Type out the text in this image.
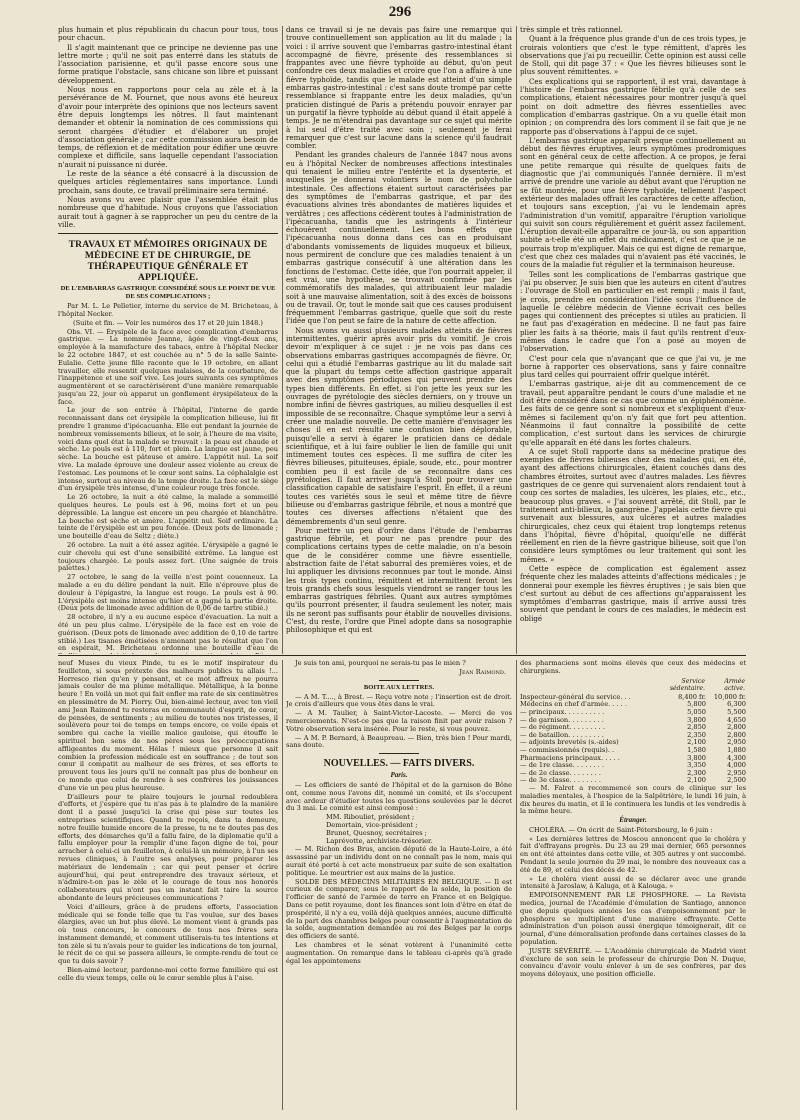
296

plus humain et plus républicain du chacun pour tous, tous pour chacun.

Il s'agit maintenant que ce principe ne devienne pas une lettre morte ; qu'il ne soit pas enterré dans les statuts de l'association parisienne, et qu'il passe encore sous une forme pratique l'obstacle, sans chicane son libre et puissant développement.

Nous nous en rapportons pour cela au zèle et à la persévérance de M. Fournet, que nous avons été heureux d'avoir pour interprète des opinions que nos lecteurs savent être depuis longtemps les nôtres. Il faut maintenant demander et obtenir la nomination de ces commissions qui seront chargées d'étudier et d'élaborer un projet d'association générale ; car cette commission aura besoin de temps, de réflexion et de méditation pour édifier une œuvre complexe et difficile, sans laquelle cependant l'association n'aurait ni puissance ni durée.

Le reste de la séance a été consacré à la discussion de quelques articles réglementaires sans importance. Lundi prochain, sans doute, ce travail préliminaire sera terminé.

Nous avons vu avec plaisir que l'assemblée était plus nombreuse que d'habitude. Nous croyons que l'association aurait tout à gagner à se rapprocher un peu du centre de la ville.

TRAVAUX ET MÉMOIRES ORIGINAUX DE MÉDECINE ET DE CHIRURGIE, DE THÉRAPEUTIQUE GÉNÉRALE ET APPLIQUÉE.
DE L'EMBARRAS GASTRIQUE CONSIDÉRÉ SOUS LE POINT DE VUE DE SES COMPLICATIONS ;

Par M. L. Le Pelletier, interne du service de M. Bricheteau, à l'hôpital Necker.

(Suite et fin. — Voir les numéros des 17 et 20 juin 1848.)

Obs. VI. — Érysipèle de la face avec complication d'embarras gastrique. — La nommée Jeanne, âgée de vingt-deux ans, employée à la manufacture des tabacs, entre à l'hôpital Necker le 22 octobre 1847, et est couchée au n° 5 de la salle Sainte-Eulalie. Cette jeune fille raconte que le 19 octobre, en allant travailler, elle ressentit quelques malaises, de la courbature, de l'inappétence et une soif vive. Les jours suivants ces symptômes augmentèrent et se caractérisèrent d'une manière remarquable jusqu'au 22, jour où apparut un gonflement érysipélateux de la face.

Le jour de son entrée à l'hôpital, l'interne de garde reconnaissant dans cet érysipèle la complication bilieuse, lui fit prendre 1 gramme d'ipécacuanha. Elle eut pendant la journée de nombreux vomissements bilieux, et le soir, à l'heure de ma visite, voici dans quel état la malade se trouvait : la peau est chaude et sèche. Le pouls est à 110, fort et plein. La langue est jaune, peu sèche. La bouche est pâteuse et amère. L'appétit nul. La soif vive. La malade éprouve une douleur assez violente au creux de l'estomac. Les poumons et le cœur sont sains. La céphalalgie est intense, surtout au niveau de la tempe droite. La face est le siège d'un érysipèle très intense, d'une couleur rouge très foncée.

Le 26 octobre, la nuit a été calme, la malade a sommeillé quelques heures. Le pouls est à 96, moins fort et un peu dépressible. La langue est encore un peu chargée et blanchâtre. La bouche est sèche et amère. L'appétit nul. Soif ordinaire. La teinte de l'érysipèle est un peu foncée. (Deux pots de limonade ; une bouteille d'eau de Seltz ; diète.)

26 octobre. La nuit a été assez agitée. L'érysipèle a gagné le cuir chevelu qui est d'une sensibilité extrême. La langue est toujours chargée. Le pouls assez fort. (Une saignée de trois palettes.)

27 octobre, le sang de la veille n'est point couenneux. La malade a eu du délire pendant la nuit. Elle n'éprouve plus de douleur à l'épigastre, la langue est rouge. Le pouls est à 90. L'érysipèle est moins intense qu'hier et a gagné la partie droite. (Deux pots de limonade avec addition de 0,06 de tartre stibié.)

28 octobre, il n'y a eu aucune espèce d'évacuation. La nuit a été un peu plus calme. L'érysipèle de la face est en voie de guérison. (Deux pots de limonade avec addition de 0,10 de tartre stibié.) Les tisanes émétisées n'amenant pas le résultat que l'on en espérait, M. Bricheteau ordonne une bouteille d'eau de

dans ce travail si je ne devais pas faire une remarque qui trouve continuellement son application au lit du malade ; la voici : il arrive souvent que l'embarras gastro-intestinal étant accompagné de fièvre, présente des ressemblances si frappantes avec une fièvre typhoïde au début, qu'on peut confondre ces deux maladies et croire que l'on a affaire à une fièvre typhoïde, tandis que le malade est atteint d'un simple embarras gastro-intestinal : c'est sans doute trompé par cette ressemblance si frappante entre les deux maladies, qu'un praticien distingué de Paris a prétendu pouvoir enrayer par un purgatif la fièvre typhoïde au début quand il était appelé à temps. Je ne m'étendrai pas davantage sur ce sujet qui mérite à lui seul d'être traité avec soin ; seulement je ferai remarquer que c'est sur lacune dans la science qu'il faudrait combler.

Pendant les grandes chaleurs de l'année 1847 nous avons eu à l'hôpital Necker de nombreuses affections intestinales qui tenaient le milieu entre l'entérite et la dysenterie, et auxquelles je donnerai volontiers le nom de polycholie intestinale. Ces affections étaient surtout caractérisées par des symptômes de l'embarras gastrique, et par des évacuations alvines très abondantes de matières liquides et verdâtres ; ces affections cédèrent toutes à l'administration de l'ipécacuanha, tandis que les astringents à l'intérieur échouèrent continuellement. Les bons effets que l'ipécacuanha nous donna dans ces cas en produisant d'abondants vomissements de liquides muqueux et bilieux, nous permirent de conclure que ces maladies tenaient à un embarras gastrique consécutif à une altération dans les fonctions de l'estomac. Cette idée, que l'on pourrait appeler, il est vrai, une hypothèse, se trouvait confirmée par les commémoratifs des malades, qui attribuaient leur maladie soit à une mauvaise alimentation, soit à des excès de boissons ou de travail. Or, tout le monde sait que ces causes produisent fréquemment l'embarras gastrique, quelle que soit du reste l'idée que l'on peut se faire de la nature de cette affection.

Nous avons vu aussi plusieurs malades atteints de fièvres intermittentes, guérir après avoir pris du vomitif. Je crois devoir m'expliquer à ce sujet : je ne vois pas dans ces observations embarras gastriques accompagnés de fièvre. Or, celui qui a étudié l'embarras gastrique au lit du malade sait que la plupart du temps cette affection gastrique apparaît avec des symptômes périodiques qui peuvent prendre des types bien différents. En effet, si l'on jette les yeux sur les ouvrages de pyrétologie des siècles derniers, on y trouve un nombre infini de fièvres gastriques, au milieu desquelles il est impossible de se reconnaître. Chaque symptôme leur a servi à créer une maladie nouvelle. De cette manière d'envisager les choses il en est résulté une confusion bien déplorable, puisqu'elle a servi à égarer le praticien dans ce dédale scientifique, et à lui faire oublier le lien de famille qui unit intimement toutes ces espèces. Il me suffira de citer les fièvres bilieuses, pituiteuses, épiale, soude, etc., pour montrer combien peu il est facile de se reconnaître dans ces pyrétologies. Il faut arriver jusqu'à Stoll pour trouver une classification capable de satisfaire l'esprit. En effet, il a réuni toutes ces variétés sous le seul et même titre de fièvre bilieuse ou d'embarras gastrique fébrile, et nous a montré que toutes ces diverses affections n'étaient que des démembrements d'un seul genre.

Pour mettre un peu d'ordre dans l'étude de l'embarras gastrique fébrile, et pour ne pas prendre pour des complications certains types de cette maladie, on n'a besoin que de le considérer comme une fièvre essentielle, abstraction faite de l'état saburral des premières voies, et de lui appliquer les divisions reconnues par tout le monde. Ainsi les trois types continu, rémittent et intermittent feront les trois grands chefs sous lesquels viendront se ranger tous les embarras gastriques fébriles. Quant aux autres symptômes qu'ils pourront présenter, il faudra seulement les noter, mais ils ne seront pas suffisants pour établir de nouvelles divisions. C'est, du reste, l'ordre que Pinel adopte dans sa nosographie philosophique et qui est

très simple et très rationnel.

Quant à la fréquence plus grande d'un de ces trois types, je croirais volontiers que c'est le type rémittent, d'après les observations que j'ai pu recueillir. Cette opinion est aussi celle de Stoll, qui dit page 37 : « Que les fièvres bilieuses sont le plus souvent rémittentes. »

Ces explications qui se rapportent, il est vrai, davantage à l'histoire de l'embarras gastrique fébrile qu'à celle de ses complications, étaient nécessaires pour montrer jusqu'à quel point on doit admettre des fièvres essentielles avec complication d'embarras gastrique. On a vu quelle était mon opinion ; on comprendra dès lors comment il se fait que je ne rapporte pas d'observations à l'appui de ce sujet.

L'embarras gastrique apparaît presque continuellement au début des fièvres éruptives, leurs symptômes prodromiques sont en général ceux de cette affection. A ce propos, je ferai une petite remarque qui résulte de quelques faits de diagnostic que j'ai communiqués l'année dernière. Il m'est arrivé de prendre une variole au début avant que l'éruption ne se fût montrée, pour une fièvre typhoïde, tellement l'aspect extérieur des malades offrait les caractères de cette affection, et toujours sans exception, j'ai vu le lendemain après l'administration d'un vomitif, apparaître l'éruption variolique qui suivit son cours régulièrement et guérit assez facilement. L'éruption devait-elle apparaître ce jour-là, ou son apparition subite a-t-elle été un effet du médicament, c'est ce que je ne pourrais trop m'expliquer. Mais ce qui est digne de remarque, c'est que chez ces malades qui n'avaient pas été vaccinés, le cours de la maladie fut régulier et la terminaison heureuse.

Telles sont les complications de l'embarras gastrique que j'ai pu observer. Je suis bien que les auteurs en citent d'autres : l'ouvrage de Stoll en particulier en est rempli ; mais il faut, je crois, prendre en considération l'idée sous l'influence de laquelle le célèbre médecin de Vienne écrivait ces belles pages qui contiennent des préceptes si utiles au praticien. Il ne faut pas d'exagération en médecine. Il ne faut pas faire plier les faits à sa théorie, mais il faut qu'ils rentrent d'eux-mêmes dans le cadre que l'on a posé au moyen de l'observation.

C'est pour cela que n'avançant que ce que j'ai vu, je me borne à rapporter ces observations, sans y faire connaître plus tard celles qui pourraient offrir quelque intérêt.

L'embarras gastrique, ai-je dit au commencement de ce travail, peut apparaître pendant le cours d'une maladie et ne doit être considéré dans ce cas que comme un épiphénomène. Les faits de ce genre sont si nombreux et s'expliquent d'eux-mêmes si facilement qu'on n'y fait que fort peu attention. Néanmoins il faut connaître la possibilité de cette complication, c'est surtout dans les services de chirurgie qu'elle apparaît en été dans les fortes chaleurs.

A ce sujet Stoll rapporte dans sa médecine pratique des exemples de fièvres bilieuses chez des malades qui, en été, ayant des affections chirurgicales, étaient couchés dans des chambres étroites, surtout avec d'autres malades. Les fièvres gastriques de ce genre qui survenaient alors rendaient tout à coup ces sortes de maladies, les ulcères, les plaies, etc., etc., beaucoup plus graves. « J'ai souvent arrêté, dit Stoll, par le traitement anti-bilieux, la gangrène. J'appelais cette fièvre qui survenait aux blessures, aux ulcères et autres maladies chirurgicales, chez ceux qui étaient trop longtemps retenus dans l'hôpital, fièvre d'hôpital, quoiqu'elle ne différât réellement en rien de la fièvre gastrique bilieuse, soit que l'on considère leurs symptômes ou leur traitement qui sont les mêmes. »

Cette espèce de complication est également assez fréquente chez les malades atteints d'affections médicales ; je donnerai pour exemple les fièvres éruptives ; je sais bien que c'est surtout au début de ces affections qu'apparaissent les symptômes d'embarras gastrique, mais il arrive aussi très souvent que pendant le cours de ces maladies, le médecin est obligé

neuf Muses du vieux Pinde, tu es le motif inspirateur du feuilleton, si sous prétexte des malheurs publics tu allais !... Horresco rien qu'en y pensant, et ce mot affreux ne pourra jamais couler de ma plume métallique. Métallique, à la bonne heure ! En voilà un mot qui fait enfler ma rate de six centimètres en plessimètre de M. Piorry. Oui, bien-aimé lecteur, avec ton vieil ami Jean Raimond tu resteras en communauté d'esprit, de cœur, de pensées, de sentiments ; au milieu de toutes nos tristesses, il soulèvera pour toi de temps en temps encore, ce voile épais et sombre qui cache la vieille malice gauloise, qui étouffe le spirituel bon sens de nos pères sous les préoccupations affligeantes du moment. Hélas ! mieux que personne il sait combien la profession médicale est en souffrance ; de tout son cœur il compatit au malheur de ses frères, et ses efforts te prouvent tous les jours qu'il ne connaît pas plus de bonheur en ce monde que celui de rendre à ses confrères les jouissances d'une vie un peu plus heureuse.

D'ailleurs pour te plaire toujours le journal redoublera d'efforts, et j'espère que tu n'as pas à te plaindre de la manière dont il a passé jusqu'ici la crise qui pèse sur toutes les entreprises scientifiques. Quand tu reçois, dans ta demeure, notre feuille humide encore de la presse, tu ne te doutes pas des efforts, des démarches qu'il a fallu faire, de la diplomatie qu'il a fallu employer pour la remplir d'une façon digne de toi, pour arracher à celui-ci un feuilleton, à celui-là un mémoire, à l'un ses revues cliniques, à l'autre ses analyses, pour préparer les matériaux de lendemain ; car qui peut penser et écrire aujourd'hui, qui peut entreprendre des travaux sérieux, et n'admire-t-on pas le zèle et le courage de tous nos honorés collaborateurs qui n'ont pas un instant fait taire la source abondante de leurs précieuses communications ?

Voici d'ailleurs, grâce à de prudens efforts, l'association médicale qui se fonde telle que tu l'as voulue, sur des bases élargies, avec un but plus élevé. Le moment vient à grands pas où tous concours, le concours de tous nos frères sera instamment demandé, et comment utiliserais-tu tes intentions et ton zèle si tu n'avais pour te guider les indications de ton journal, le récit de ce qui se passera ailleurs, le compte-rendu de tout ce que tu dois savoir ?

Bien-aimé lecteur, pardonne-moi cette forme familière qui est celle du vieux temps, celle où le cœur semble plus à l'aise.

Je suis ton ami, pourquoi ne serais-tu pas le mien ?

Jean Raimond.
BOITE AUX LETTRES.

— A M. T...., à Brest. — Reçu votre note ; l'insertion est de droit. Je crois d'ailleurs que vous êtes dans le vrai.

— A M. Taulier, à Saint-Victor-Lacoste. — Merci de vos remerciements. N'est-ce pas que la raison finit par avoir raison ? Votre observation sera insérée. Pour le reste, si vous pouvez.

— A M. P. Bernard, à Beaupreau. — Bien, très bien ! Pour mardi, sans doute.

NOUVELLES. — FAITS DIVERS.
Paris.

— Les officiers de santé de l'hôpital et de la garnison de Bône ont, comme nous l'avons dit, nommé un comité, et ils s'occupent avec ardeur d'étudier toutes les questions soulevées par le décret du 3 mai. Le comité est ainsi composé :

MM. Ribouliet, président ;
Demortain, vice-président ;
Brunet, Quesnoy, secrétaires ;
Laprévotte, archiviste-trésorier.

— M. Richon des Brus, ancien député de la Haute-Loire, a été assassiné par un individu dont on ne connaît pas le nom, mais qui aurait été porté à cet acte monstrueux par suite de son exaltation politique. Le meurtrier est aux mains de la justice.

SOLDE DES MÉDECINS MILITAIRES EN BELGIQUE. — Il est curieux de comparer, sous le rapport de la solde, la position de l'officier de santé de l'armée de terre en France et en Belgique. Dans ce petit royaume, dont les finances sont loin d'être en état de prospérité, il n'y a eu, voilà déjà quelques années, aucune difficulté de la part des chambres belges pour consentir à l'augmentation de la solde, augmentation demandée au roi des Belges par le corps des officiers de santé.

Les chambres et le sénat votèrent à l'unanimité cette augmentation. On remarque dans le tableau ci-après qu'à grade égal les appointemens

des pharmaciens sont moins élevés que ceux des médecins et chirurgiens.

	Service sédentaire.	Armée active.
Inspecteur-général du service. . .	8,400 fr.	10,000 fr.
Médecins en chef d'armée. . . . .	5,800	6,300
— principaux. . . . . . . . . .	5,050	5,500
— de garnison. . . . . . . . .	3,800	4,650
— de régiment. . . . . . . . .	2,850	2,800
— de bataillon. . . . . . . . .	2,350	2,800
— adjoints brevetés (s.-aides)	2,100	2,950
— commissionnés (requis). .	1,580	1,880
Pharmaciens principaux. . . . .	3,800	4,300
— de 1re classe. . . . . . . .	3,350	4,000
— de 2e classe. . . . . . . .	2,300	2,950
— de 3e classe. . . . . . . .	2,100	2,500

— M. Falret a recommencé son cours de clinique sur les maladies mentales, à l'hospice de la Salpêtrière, le lundi 16 juin, à dix heures du matin, et il le continuera les lundis et les vendredis à la même heure.

Étranger.

CHOLÉRA. — On écrit de Saint-Pétersbourg, le 6 juin :

« Les dernières lettres de Moscou annoncent que le choléra y fait d'effrayans progrès. Du 23 au 29 mai dernier, 665 personnes en ont été atteintes dans cette ville, et 305 autres y ont succombé. Pendant la seule journée du 29 mai, le nombre des nouveaux cas a été de 89, et celui des décès de 42.

» Le choléra vient aussi de se déclarer avec une grande intensité à Jaroslaw, à Kaluga, et à Kalouga. »

EMPOISONNEMENT PAR LE PHOSPHORE. — La Revista medica, journal de l'Académie d'émulation de Santiago, annonce que depuis quelques années les cas d'empoisonnement par le phosphore se multiplient d'une manière effrayante. Cette administration d'un poison aussi énergique témoignerait, dit ce journal, d'une démoralisation profonde dans certaines classes de la population.

JUSTE SÉVÉRITÉ. — L'Académie chirurgicale de Madrid vient d'exclure de son sein le professeur de chirurgie Don N. Duque, convaincu d'avoir voulu enlever à un de ses confrères, par des moyens déloyaux, une position officielle.
